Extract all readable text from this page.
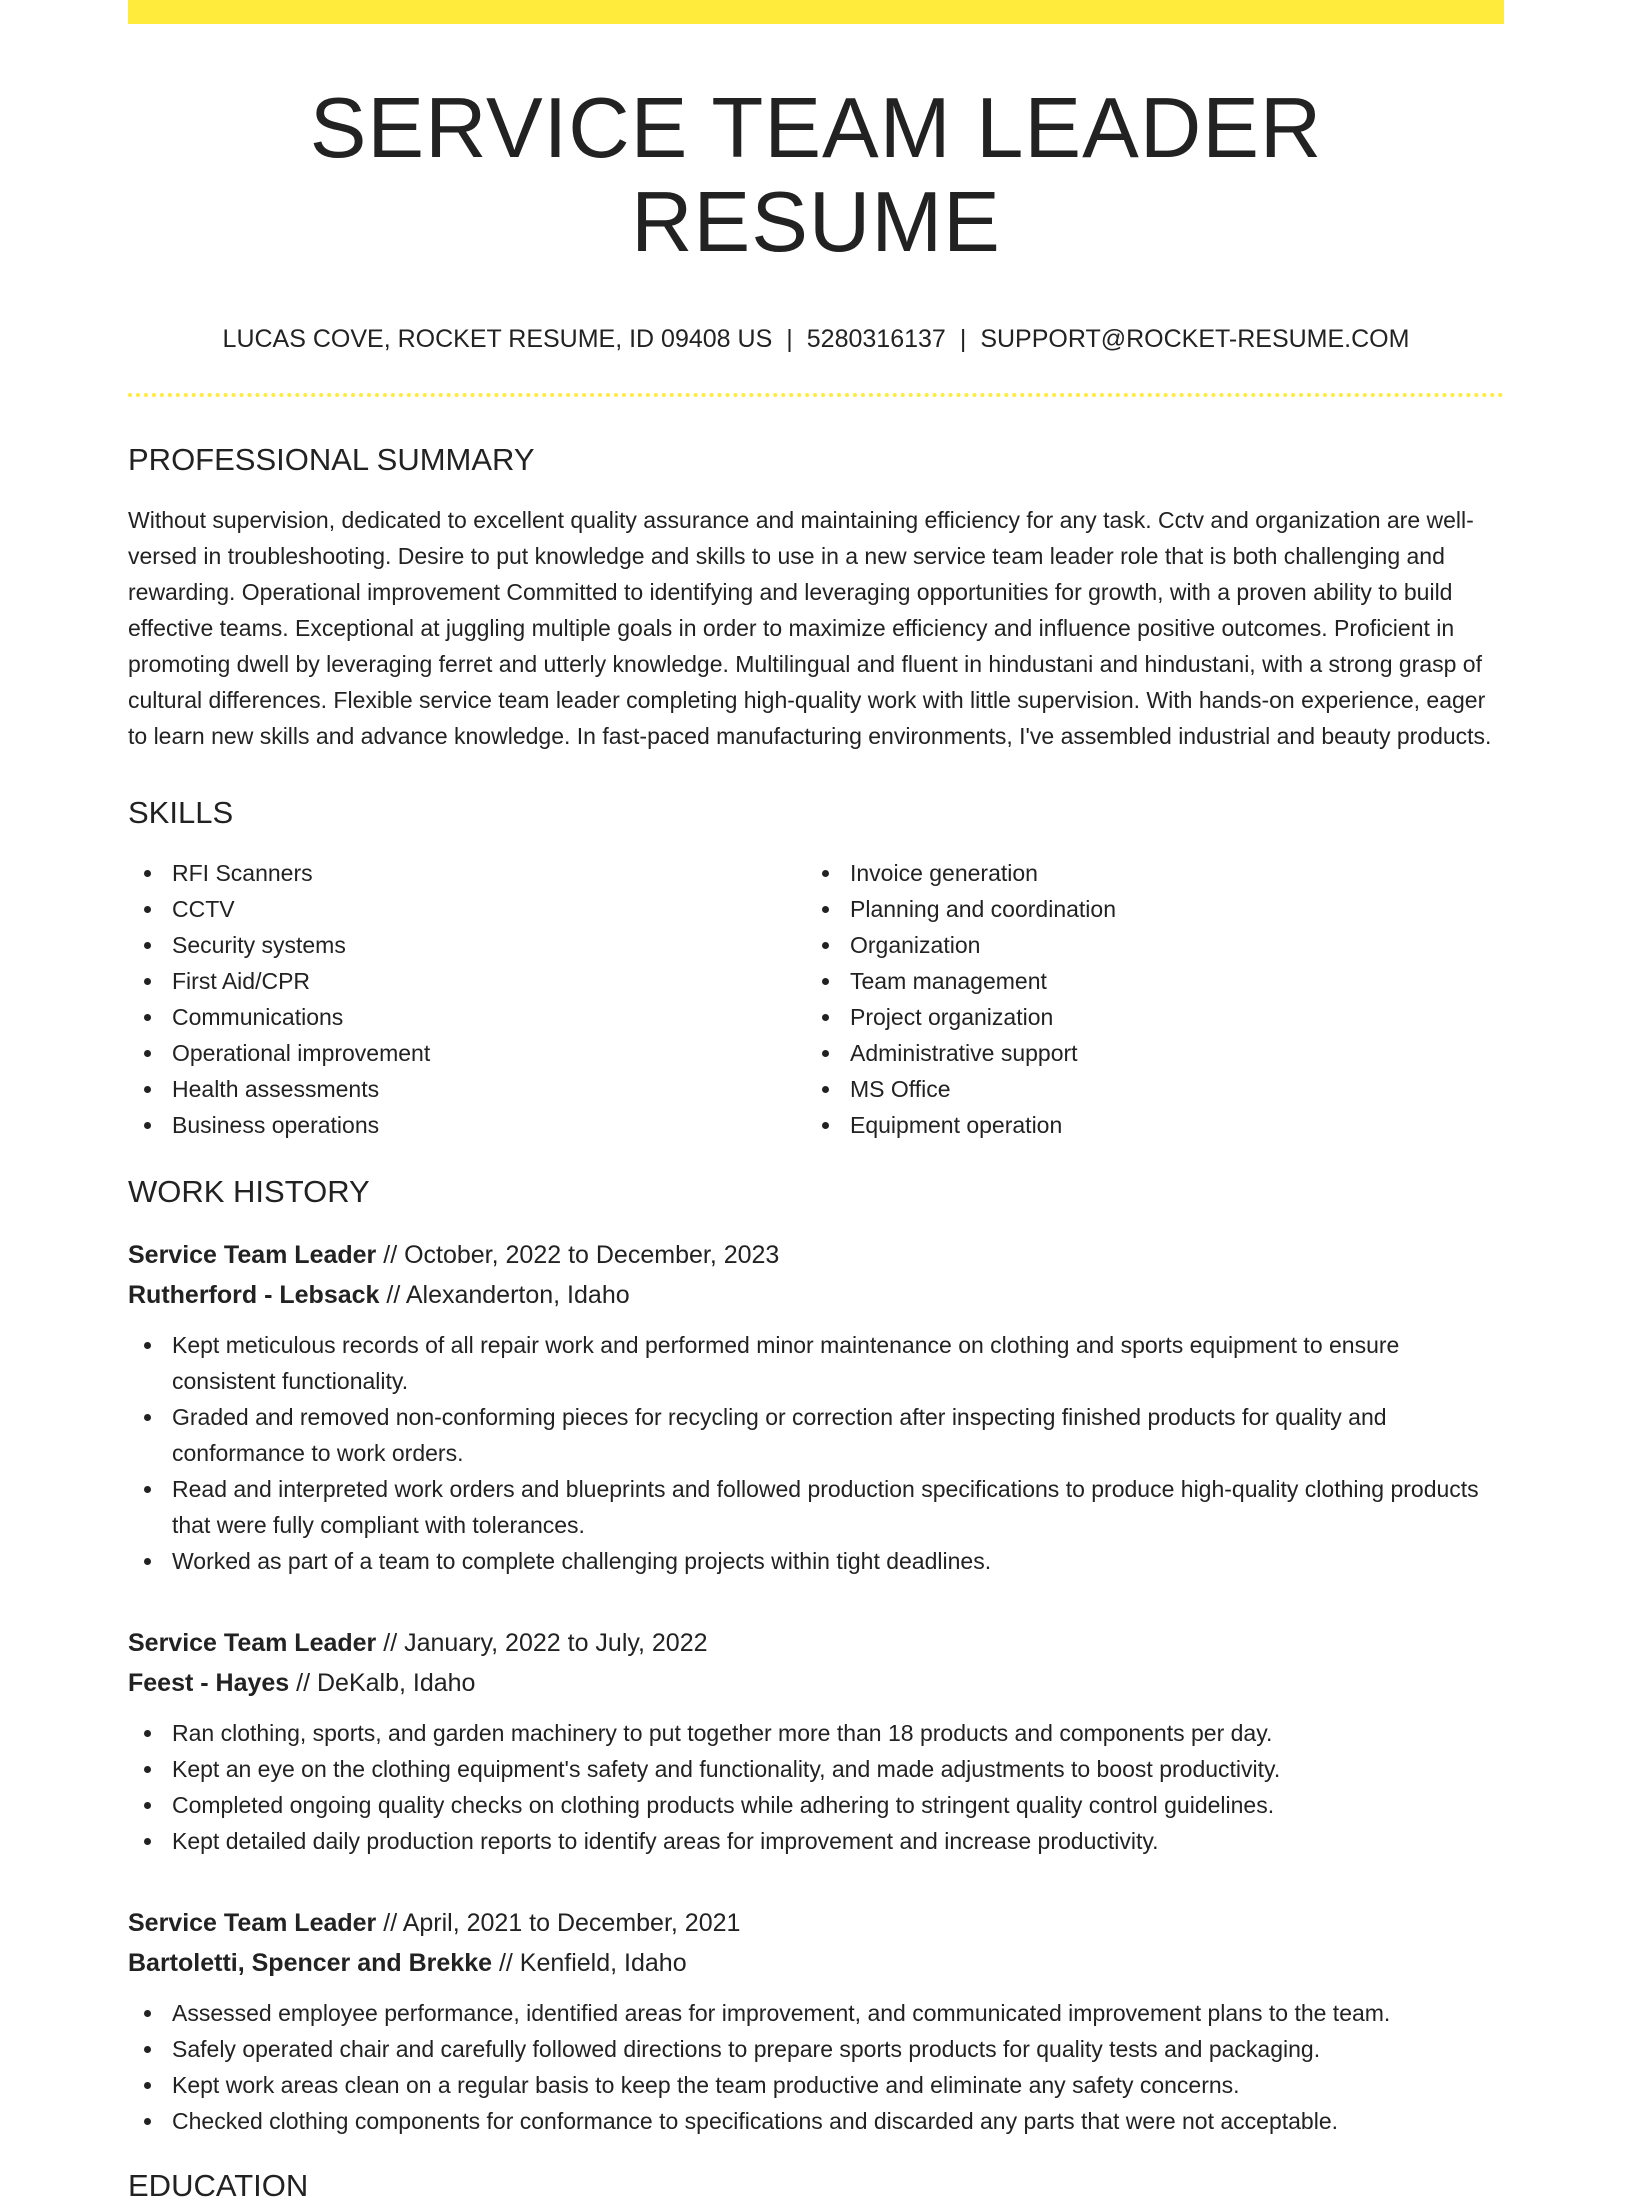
SERVICE TEAM LEADER RESUME
LUCAS COVE, ROCKET RESUME, ID 09408 US | 5280316137 | SUPPORT@ROCKET-RESUME.COM
PROFESSIONAL SUMMARY
Without supervision, dedicated to excellent quality assurance and maintaining efficiency for any task. Cctv and organization are well-versed in troubleshooting. Desire to put knowledge and skills to use in a new service team leader role that is both challenging and rewarding. Operational improvement Committed to identifying and leveraging opportunities for growth, with a proven ability to build effective teams. Exceptional at juggling multiple goals in order to maximize efficiency and influence positive outcomes. Proficient in promoting dwell by leveraging ferret and utterly knowledge. Multilingual and fluent in hindustani and hindustani, with a strong grasp of cultural differences. Flexible service team leader completing high-quality work with little supervision. With hands-on experience, eager to learn new skills and advance knowledge. In fast-paced manufacturing environments, I've assembled industrial and beauty products.
SKILLS
RFI Scanners
CCTV
Security systems
First Aid/CPR
Communications
Operational improvement
Health assessments
Business operations
Invoice generation
Planning and coordination
Organization
Team management
Project organization
Administrative support
MS Office
Equipment operation
WORK HISTORY
Service Team Leader // October, 2022 to December, 2023
Rutherford - Lebsack // Alexanderton, Idaho
Kept meticulous records of all repair work and performed minor maintenance on clothing and sports equipment to ensure consistent functionality.
Graded and removed non-conforming pieces for recycling or correction after inspecting finished products for quality and conformance to work orders.
Read and interpreted work orders and blueprints and followed production specifications to produce high-quality clothing products that were fully compliant with tolerances.
Worked as part of a team to complete challenging projects within tight deadlines.
Service Team Leader // January, 2022 to July, 2022
Feest - Hayes // DeKalb, Idaho
Ran clothing, sports, and garden machinery to put together more than 18 products and components per day.
Kept an eye on the clothing equipment's safety and functionality, and made adjustments to boost productivity.
Completed ongoing quality checks on clothing products while adhering to stringent quality control guidelines.
Kept detailed daily production reports to identify areas for improvement and increase productivity.
Service Team Leader // April, 2021 to December, 2021
Bartoletti, Spencer and Brekke // Kenfield, Idaho
Assessed employee performance, identified areas for improvement, and communicated improvement plans to the team.
Safely operated chair and carefully followed directions to prepare sports products for quality tests and packaging.
Kept work areas clean on a regular basis to keep the team productive and eliminate any safety concerns.
Checked clothing components for conformance to specifications and discarded any parts that were not acceptable.
EDUCATION
